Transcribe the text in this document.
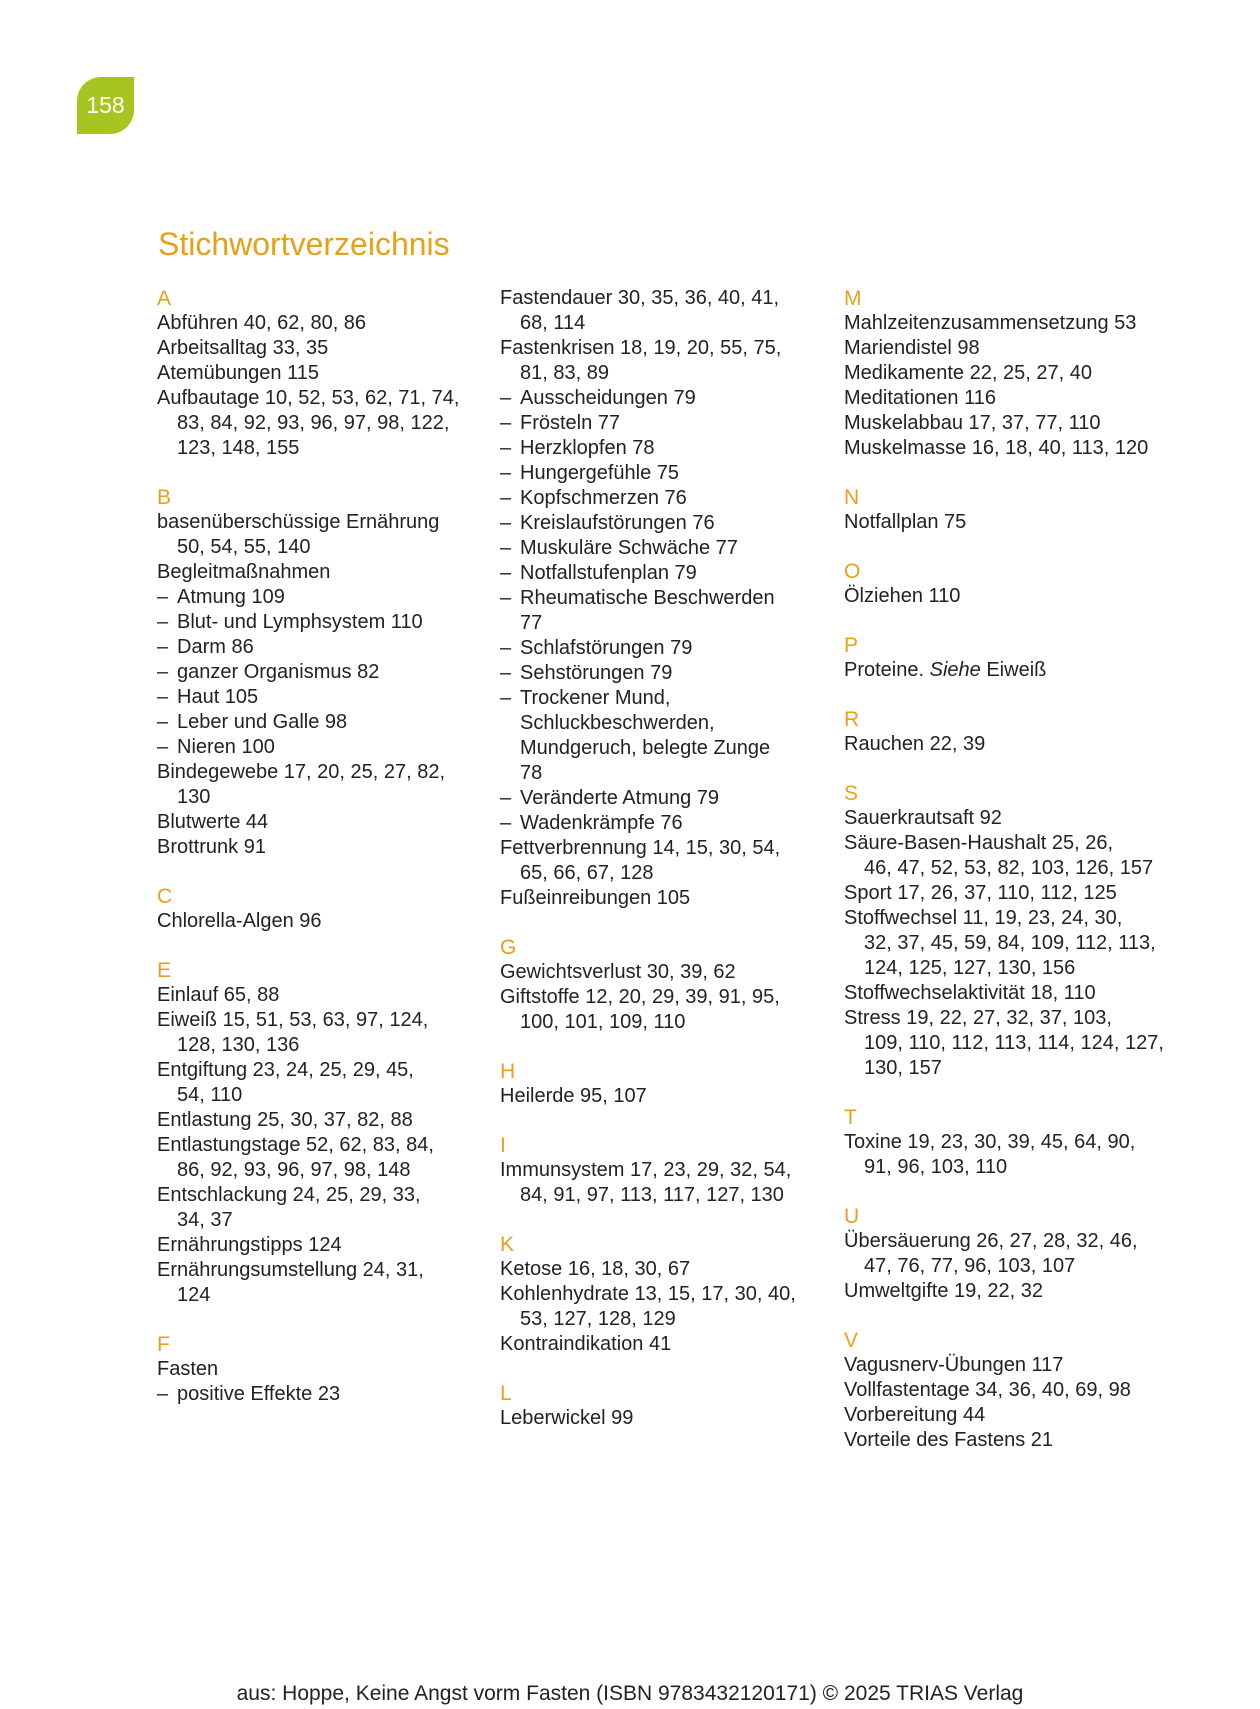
158
Stichwortverzeichnis
A
Abführen 40, 62, 80, 86
Arbeitsalltag 33, 35
Atemübungen 115
Aufbautage 10, 52, 53, 62, 71, 74,
83, 84, 92, 93, 96, 97, 98, 122,
123, 148, 155
B
basenüberschüssige Ernährung
50, 54, 55, 140
Begleitmaßnahmen
– Atmung 109
– Blut- und Lymphsystem 110
– Darm 86
– ganzer Organismus 82
– Haut 105
– Leber und Galle 98
– Nieren 100
Bindegewebe 17, 20, 25, 27, 82,
130
Blutwerte 44
Brottrunk 91
C
Chlorella-Algen 96
E
Einlauf 65, 88
Eiweiß 15, 51, 53, 63, 97, 124,
128, 130, 136
Entgiftung 23, 24, 25, 29, 45,
54, 110
Entlastung 25, 30, 37, 82, 88
Entlastungstage 52, 62, 83, 84,
86, 92, 93, 96, 97, 98, 148
Entschlackung 24, 25, 29, 33,
34, 37
Ernährungstipps 124
Ernährungsumstellung 24, 31,
124
F
Fasten
– positive Effekte 23
Fastendauer 30, 35, 36, 40, 41,
68, 114
Fastenkrisen 18, 19, 20, 55, 75,
81, 83, 89
– Ausscheidungen 79
– Frösteln 77
– Herzklopfen 78
– Hungergefühle 75
– Kopfschmerzen 76
– Kreislaufstörungen 76
– Muskuläre Schwäche 77
– Notfallstufenplan 79
– Rheumatische Beschwerden
77
– Schlafstörungen 79
– Sehstörungen 79
– Trockener Mund,
Schluckbeschwerden,
Mundgeruch, belegte Zunge
78
– Veränderte Atmung 79
– Wadenkrämpfe 76
Fettverbrennung 14, 15, 30, 54,
65, 66, 67, 128
Fußeinreibungen 105
G
Gewichtsverlust 30, 39, 62
Giftstoffe 12, 20, 29, 39, 91, 95,
100, 101, 109, 110
H
Heilerde 95, 107
I
Immunsystem 17, 23, 29, 32, 54,
84, 91, 97, 113, 117, 127, 130
K
Ketose 16, 18, 30, 67
Kohlenhydrate 13, 15, 17, 30, 40,
53, 127, 128, 129
Kontraindikation 41
L
Leberwickel 99
M
Mahlzeitenzusammensetzung 53
Mariendistel 98
Medikamente 22, 25, 27, 40
Meditationen 116
Muskelabbau 17, 37, 77, 110
Muskelmasse 16, 18, 40, 113, 120
N
Notfallplan 75
O
Ölziehen 110
P
Proteine. Siehe Eiweiß
R
Rauchen 22, 39
S
Sauerkrautsaft 92
Säure-Basen-Haushalt 25, 26,
46, 47, 52, 53, 82, 103, 126, 157
Sport 17, 26, 37, 110, 112, 125
Stoffwechsel 11, 19, 23, 24, 30,
32, 37, 45, 59, 84, 109, 112, 113,
124, 125, 127, 130, 156
Stoffwechselaktivität 18, 110
Stress 19, 22, 27, 32, 37, 103,
109, 110, 112, 113, 114, 124, 127,
130, 157
T
Toxine 19, 23, 30, 39, 45, 64, 90,
91, 96, 103, 110
U
Übersäuerung 26, 27, 28, 32, 46,
47, 76, 77, 96, 103, 107
Umweltgifte 19, 22, 32
V
Vagusnerv-Übungen 117
Vollfastentage 34, 36, 40, 69, 98
Vorbereitung 44
Vorteile des Fastens 21
aus: Hoppe, Keine Angst vorm Fasten (ISBN 9783432120171) © 2025 TRIAS Verlag
